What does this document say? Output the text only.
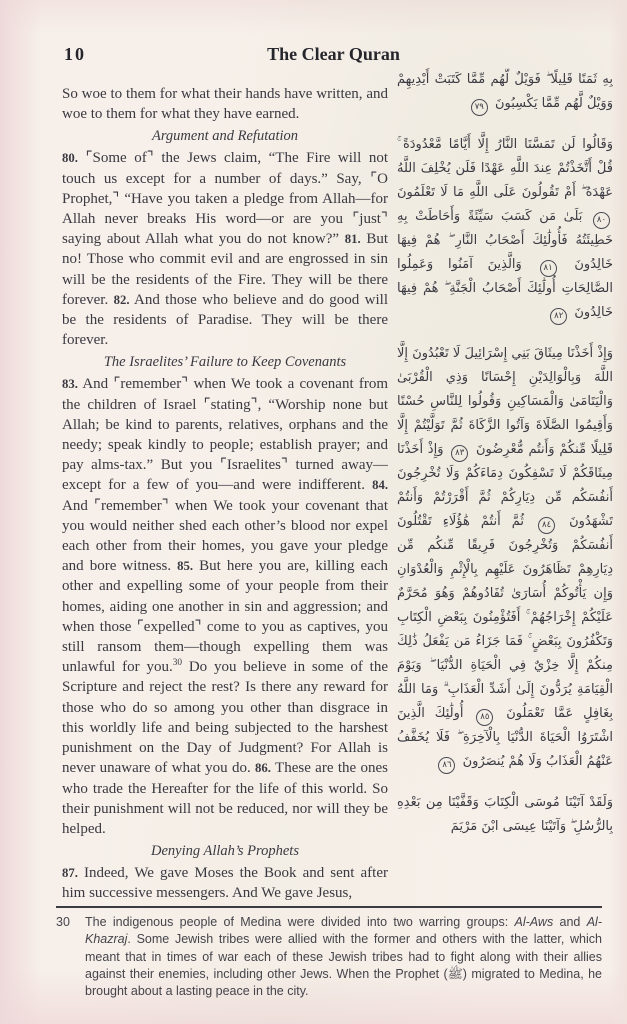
10	The Clear Quran

So woe to them for what their hands have written, and woe to them for what they have earned.

Argument and Refutation

80. ⌜Some of⌝ the Jews claim, “The Fire will not touch us except for a number of days.” Say, ⌜O Prophet,⌝ “Have you taken a pledge from Allah—for Allah never breaks His word—or are you ⌜just⌝ saying about Allah what you do not know?” 81. But no! Those who commit evil and are engrossed in sin will be the residents of the Fire. They will be there forever. 82. And those who believe and do good will be the residents of Paradise. They will be there forever.

The Israelites’ Failure to Keep Covenants

83. And ⌜remember⌝ when We took a covenant from the children of Israel ⌜stating⌝, “Worship none but Allah; be kind to parents, relatives, orphans and the needy; speak kindly to people; establish prayer; and pay alms-tax.” But you ⌜Israelites⌝ turned away—except for a few of you—and were indifferent. 84. And ⌜remember⌝ when We took your covenant that you would neither shed each other’s blood nor expel each other from their homes, you gave your pledge and bore witness. 85. But here you are, killing each other and expelling some of your people from their homes, aiding one another in sin and aggression; and when those ⌜expelled⌝ come to you as captives, you still ransom them—though expelling them was unlawful for you.$^{30}$ Do you believe in some of the Scripture and reject the rest? Is there any reward for those who do so among you other than disgrace in this worldly life and being subjected to the harshest punishment on the Day of Judgment? For Allah is never unaware of what you do. 86. These are the ones who trade the Hereafter for the life of this world. So their punishment will not be reduced, nor will they be helped.

Denying Allah’s Prophets

87. Indeed, We gave Moses the Book and sent after him successive messengers. And We gave Jesus,

بِهِ ثَمَنًا قَلِيلًا ۖ فَوَيْلٌ لَّهُم مِّمَّا كَتَبَتْ أَيْدِيهِمْ وَوَيْلٌ لَّهُم مِّمَّا يَكْسِبُونَ ٧٩

وَقَالُوا لَن تَمَسَّنَا النَّارُ إِلَّا أَيَّامًا مَّعْدُودَةً ۚ قُلْ أَتَّخَذْتُمْ عِندَ اللَّهِ عَهْدًا فَلَن يُخْلِفَ اللَّهُ عَهْدَهُ ۖ أَمْ تَقُولُونَ عَلَى اللَّهِ مَا لَا تَعْلَمُونَ ٨٠ بَلَىٰ مَن كَسَبَ سَيِّئَةً وَأَحَاطَتْ بِهِ خَطِيئَتُهُ فَأُولَٰئِكَ أَصْحَابُ النَّارِ ۖ هُمْ فِيهَا خَالِدُونَ ٨١ وَالَّذِينَ آمَنُوا وَعَمِلُوا الصَّالِحَاتِ أُولَٰئِكَ أَصْحَابُ الْجَنَّةِ ۖ هُمْ فِيهَا خَالِدُونَ ٨٢

وَإِذْ أَخَذْنَا مِيثَاقَ بَنِي إِسْرَائِيلَ لَا تَعْبُدُونَ إِلَّا اللَّهَ وَبِالْوَالِدَيْنِ إِحْسَانًا وَذِي الْقُرْبَىٰ وَالْيَتَامَىٰ وَالْمَسَاكِينِ وَقُولُوا لِلنَّاسِ حُسْنًا وَأَقِيمُوا الصَّلَاةَ وَآتُوا الزَّكَاةَ ثُمَّ تَوَلَّيْتُمْ إِلَّا قَلِيلًا مِّنكُمْ وَأَنتُم مُّعْرِضُونَ ٨٣ وَإِذْ أَخَذْنَا مِيثَاقَكُمْ لَا تَسْفِكُونَ دِمَاءَكُمْ وَلَا تُخْرِجُونَ أَنفُسَكُم مِّن دِيَارِكُمْ ثُمَّ أَقْرَرْتُمْ وَأَنتُمْ تَشْهَدُونَ ٨٤ ثُمَّ أَنتُمْ هَٰؤُلَاءِ تَقْتُلُونَ أَنفُسَكُمْ وَتُخْرِجُونَ فَرِيقًا مِّنكُم مِّن دِيَارِهِمْ تَظَاهَرُونَ عَلَيْهِم بِالْإِثْمِ وَالْعُدْوَانِ وَإِن يَأْتُوكُمْ أُسَارَىٰ تُفَادُوهُمْ وَهُوَ مُحَرَّمٌ عَلَيْكُمْ إِخْرَاجُهُمْ ۚ أَفَتُؤْمِنُونَ بِبَعْضِ الْكِتَابِ وَتَكْفُرُونَ بِبَعْضٍ ۚ فَمَا جَزَاءُ مَن يَفْعَلُ ذَٰلِكَ مِنكُمْ إِلَّا خِزْيٌ فِي الْحَيَاةِ الدُّنْيَا ۖ وَيَوْمَ الْقِيَامَةِ يُرَدُّونَ إِلَىٰ أَشَدِّ الْعَذَابِ ۗ وَمَا اللَّهُ بِغَافِلٍ عَمَّا تَعْمَلُونَ ٨٥ أُولَٰئِكَ الَّذِينَ اشْتَرَوُا الْحَيَاةَ الدُّنْيَا بِالْآخِرَةِ ۖ فَلَا يُخَفَّفُ عَنْهُمُ الْعَذَابُ وَلَا هُمْ يُنصَرُونَ ٨٦

وَلَقَدْ آتَيْنَا مُوسَى الْكِتَابَ وَقَفَّيْنَا مِن بَعْدِهِ بِالرُّسُلِ ۖ وَآتَيْنَا عِيسَى ابْنَ مَرْيَمَ

30	The indigenous people of Medina were divided into two warring groups: Al-Aws and Al-Khazraj. Some Jewish tribes were allied with the former and others with the latter, which meant that in times of war each of these Jewish tribes had to fight along with their allies against their enemies, including other Jews. When the Prophet (ﷺ) migrated to Medina, he brought about a lasting peace in the city.
